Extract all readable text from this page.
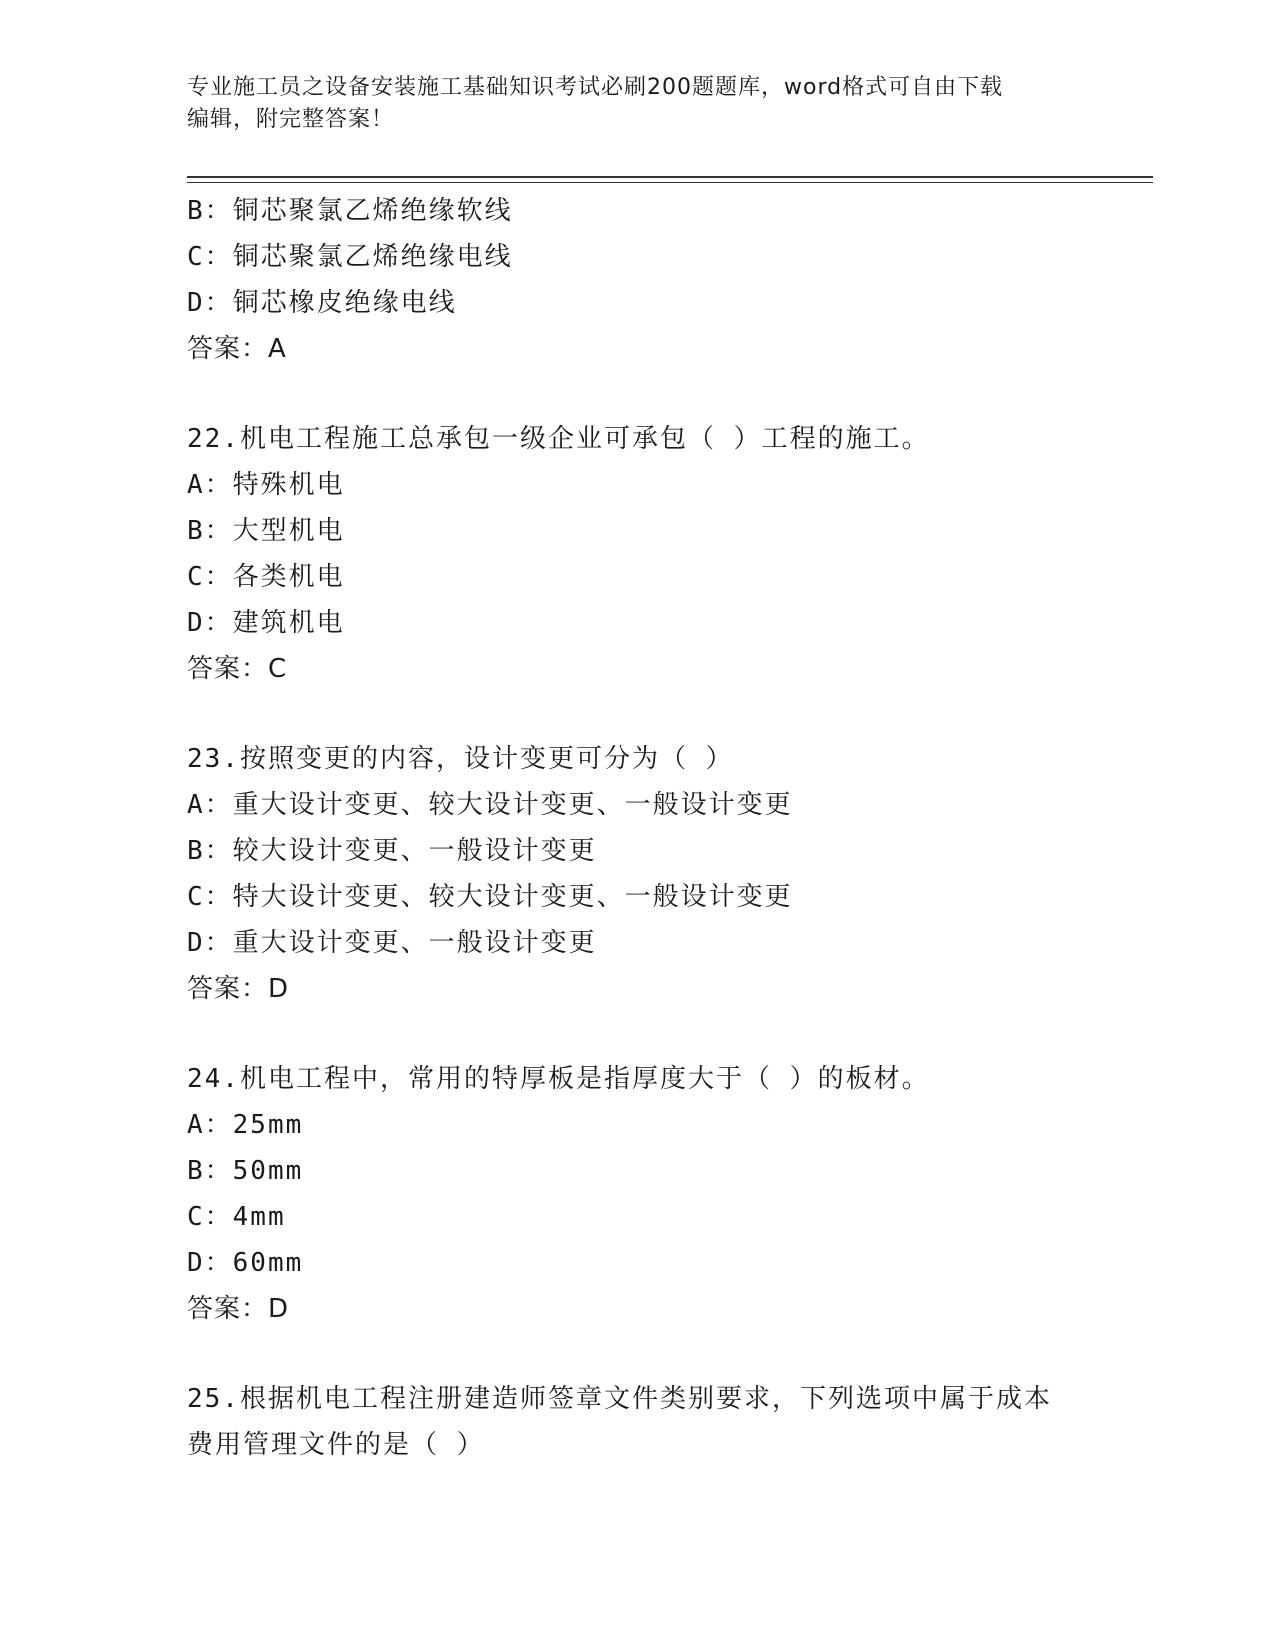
专业施工员之设备安装施工基础知识考试必刷200题题库，word格式可自由下载
编辑，附完整答案！
B：铜芯聚氯乙烯绝缘软线
C：铜芯聚氯乙烯绝缘电线
D：铜芯橡皮绝缘电线
答案：A
22.机电工程施工总承包一级企业可承包（ ）工程的施工。
A：特殊机电
B：大型机电
C：各类机电
D：建筑机电
答案：C
23.按照变更的内容，设计变更可分为（ ）
A：重大设计变更、较大设计变更、一般设计变更
B：较大设计变更、一般设计变更
C：特大设计变更、较大设计变更、一般设计变更
D：重大设计变更、一般设计变更
答案：D
24.机电工程中，常用的特厚板是指厚度大于（ ）的板材。
A：25mm
B：50mm
C：4mm
D：60mm
答案：D
25.根据机电工程注册建造师签章文件类别要求，下列选项中属于成本
费用管理文件的是（ ）
